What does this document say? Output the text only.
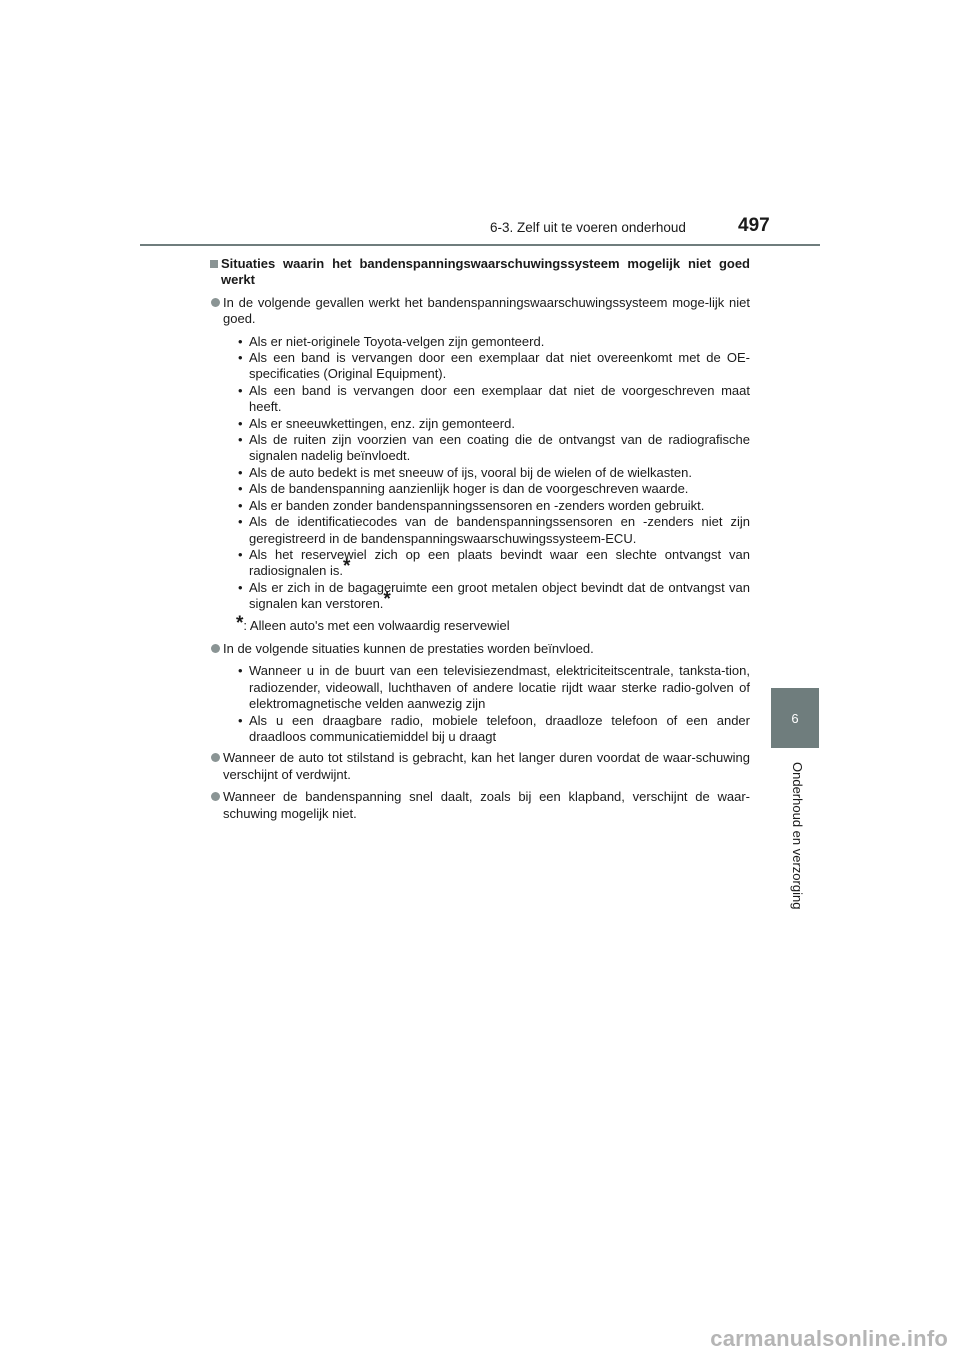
6-3. Zelf uit te voeren onderhoud	497
6
Onderhoud en verzorging
Situaties waarin het bandenspanningswaarschuwingssysteem mogelijk niet goed werkt
In de volgende gevallen werkt het bandenspanningswaarschuwingssysteem moge-lijk niet goed.
• Als er niet-originele Toyota-velgen zijn gemonteerd.
• Als een band is vervangen door een exemplaar dat niet overeenkomt met de OE-specificaties (Original Equipment).
• Als een band is vervangen door een exemplaar dat niet de voorgeschreven maat heeft.
• Als er sneeuwkettingen, enz. zijn gemonteerd.
• Als de ruiten zijn voorzien van een coating die de ontvangst van de radiografische signalen nadelig beïnvloedt.
• Als de auto bedekt is met sneeuw of ijs, vooral bij de wielen of de wielkasten.
• Als de bandenspanning aanzienlijk hoger is dan de voorgeschreven waarde.
• Als er banden zonder bandenspanningssensoren en -zenders worden gebruikt.
• Als de identificatiecodes van de bandenspanningssensoren en -zenders niet zijn geregistreerd in de bandenspanningswaarschuwingssysteem-ECU.
• Als het reservewiel zich op een plaats bevindt waar een slechte ontvangst van radiosignalen is.*
• Als er zich in de bagageruimte een groot metalen object bevindt dat de ontvangst van signalen kan verstoren.*
*: Alleen auto's met een volwaardig reservewiel
In de volgende situaties kunnen de prestaties worden beïnvloed.
• Wanneer u in de buurt van een televisiezendmast, elektriciteitscentrale, tanksta-tion, radiozender, videowall, luchthaven of andere locatie rijdt waar sterke radio-golven of elektromagnetische velden aanwezig zijn
• Als u een draagbare radio, mobiele telefoon, draadloze telefoon of een ander draadloos communicatiemiddel bij u draagt
Wanneer de auto tot stilstand is gebracht, kan het langer duren voordat de waar-schuwing verschijnt of verdwijnt.
Wanneer de bandenspanning snel daalt, zoals bij een klapband, verschijnt de waar-schuwing mogelijk niet.
carmanualsonline.info
